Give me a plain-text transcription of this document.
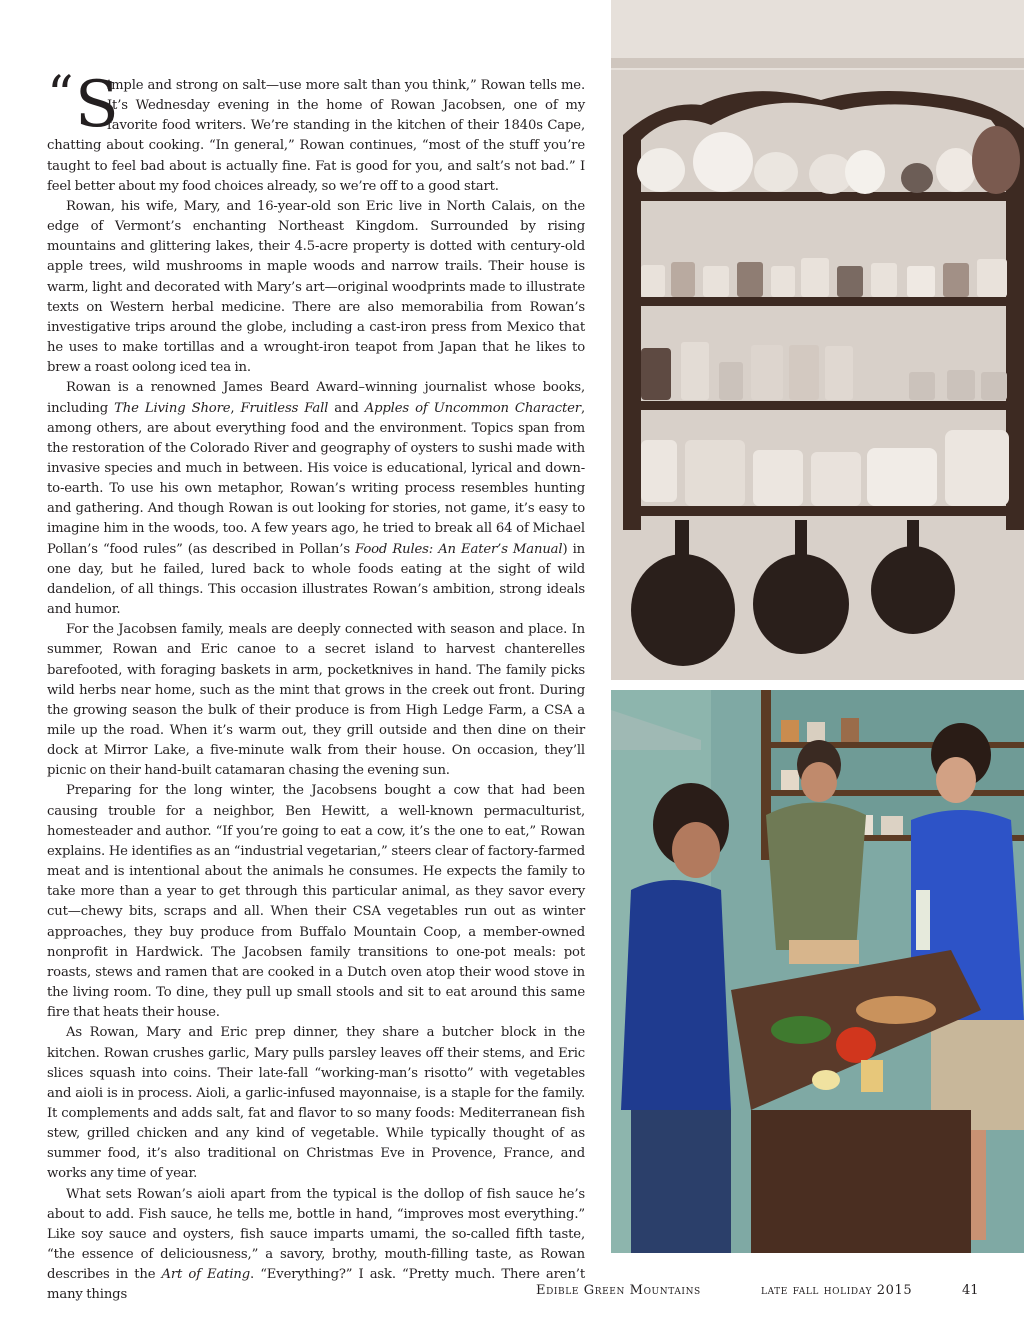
“ S

imple and strong on salt—use more salt than you think,” Rowan tells me. It’s Wednesday evening in the home of Rowan Jacobsen, one of my favorite food writers. We’re standing in the kitchen of their 1840s Cape, chatting about cooking. “In general,” Rowan continues, “most of the stuff you’re taught to feel bad about is actually fine. Fat is good for you, and salt’s not bad.” I feel better about my food choices already, so we’re off to a good start.

Rowan, his wife, Mary, and 16-year-old son Eric live in North Calais, on the edge of Vermont’s enchanting Northeast Kingdom. Surrounded by rising mountains and glittering lakes, their 4.5-acre property is dotted with century-old apple trees, wild mushrooms in maple woods and narrow trails. Their house is warm, light and decorated with Mary’s art—original woodprints made to illustrate texts on Western herbal medicine. There are also memorabilia from Rowan’s investigative trips around the globe, including a cast-iron press from Mexico that he uses to make tortillas and a wrought-iron teapot from Japan that he likes to brew a roast oolong iced tea in.

Rowan is a renowned James Beard Award–winning journalist whose books, including The Living Shore, Fruitless Fall and Apples of Uncommon Character, among others, are about everything food and the environment. Topics span from the restoration of the Colorado River and geography of oysters to sushi made with invasive species and much in between. His voice is educational, lyrical and down-to-earth. To use his own metaphor, Rowan’s writing process resembles hunting and gathering. And though Rowan is out looking for stories, not game, it’s easy to imagine him in the woods, too. A few years ago, he tried to break all 64 of Michael Pollan’s “food rules” (as described in Pollan’s Food Rules: An Eater’s Manual) in one day, but he failed, lured back to whole foods eating at the sight of wild dandelion, of all things. This occasion illustrates Rowan’s ambition, strong ideals and humor.

For the Jacobsen family, meals are deeply connected with season and place. In summer, Rowan and Eric canoe to a secret island to harvest chanterelles barefooted, with foraging baskets in arm, pocketknives in hand. The family picks wild herbs near home, such as the mint that grows in the creek out front. During the growing season the bulk of their produce is from High Ledge Farm, a CSA a mile up the road. When it’s warm out, they grill outside and then dine on their dock at Mirror Lake, a five-minute walk from their house. On occasion, they’ll picnic on their hand-built catamaran chasing the evening sun.

Preparing for the long winter, the Jacobsens bought a cow that had been causing trouble for a neighbor, Ben Hewitt, a well-known permaculturist, homesteader and author. “If you’re going to eat a cow, it’s the one to eat,” Rowan explains. He identifies as an “industrial vegetarian,” steers clear of factory-farmed meat and is intentional about the animals he consumes. He expects the family to take more than a year to get through this particular animal, as they savor every cut—chewy bits, scraps and all. When their CSA vegetables run out as winter approaches, they buy produce from Buffalo Mountain Coop, a member-owned nonprofit in Hardwick. The Jacobsen family transitions to one-pot meals: pot roasts, stews and ramen that are cooked in a Dutch oven atop their wood stove in the living room. To dine, they pull up small stools and sit to eat around this same fire that heats their house.

As Rowan, Mary and Eric prep dinner, they share a butcher block in the kitchen. Rowan crushes garlic, Mary pulls parsley leaves off their stems, and Eric slices squash into coins. Their late-fall “working-man’s risotto” with vegetables and aioli is in process. Aioli, a garlic-infused mayonnaise, is a staple for the family. It complements and adds salt, fat and flavor to so many foods: Mediterranean fish stew, grilled chicken and any kind of vegetable. While typically thought of as summer food, it’s also traditional on Christmas Eve in Provence, France, and works any time of year.

What sets Rowan’s aioli apart from the typical is the dollop of fish sauce he’s about to add. Fish sauce, he tells me, bottle in hand, “improves most everything.” Like soy sauce and oysters, fish sauce imparts umami, the so-called fifth taste, “the essence of deliciousness,” a savory, brothy, mouth-filling taste, as Rowan describes in the Art of Eating. “Everything?” I ask. “Pretty much. There aren’t many things	Edible Green Mountains	late fall holiday 2015	41
